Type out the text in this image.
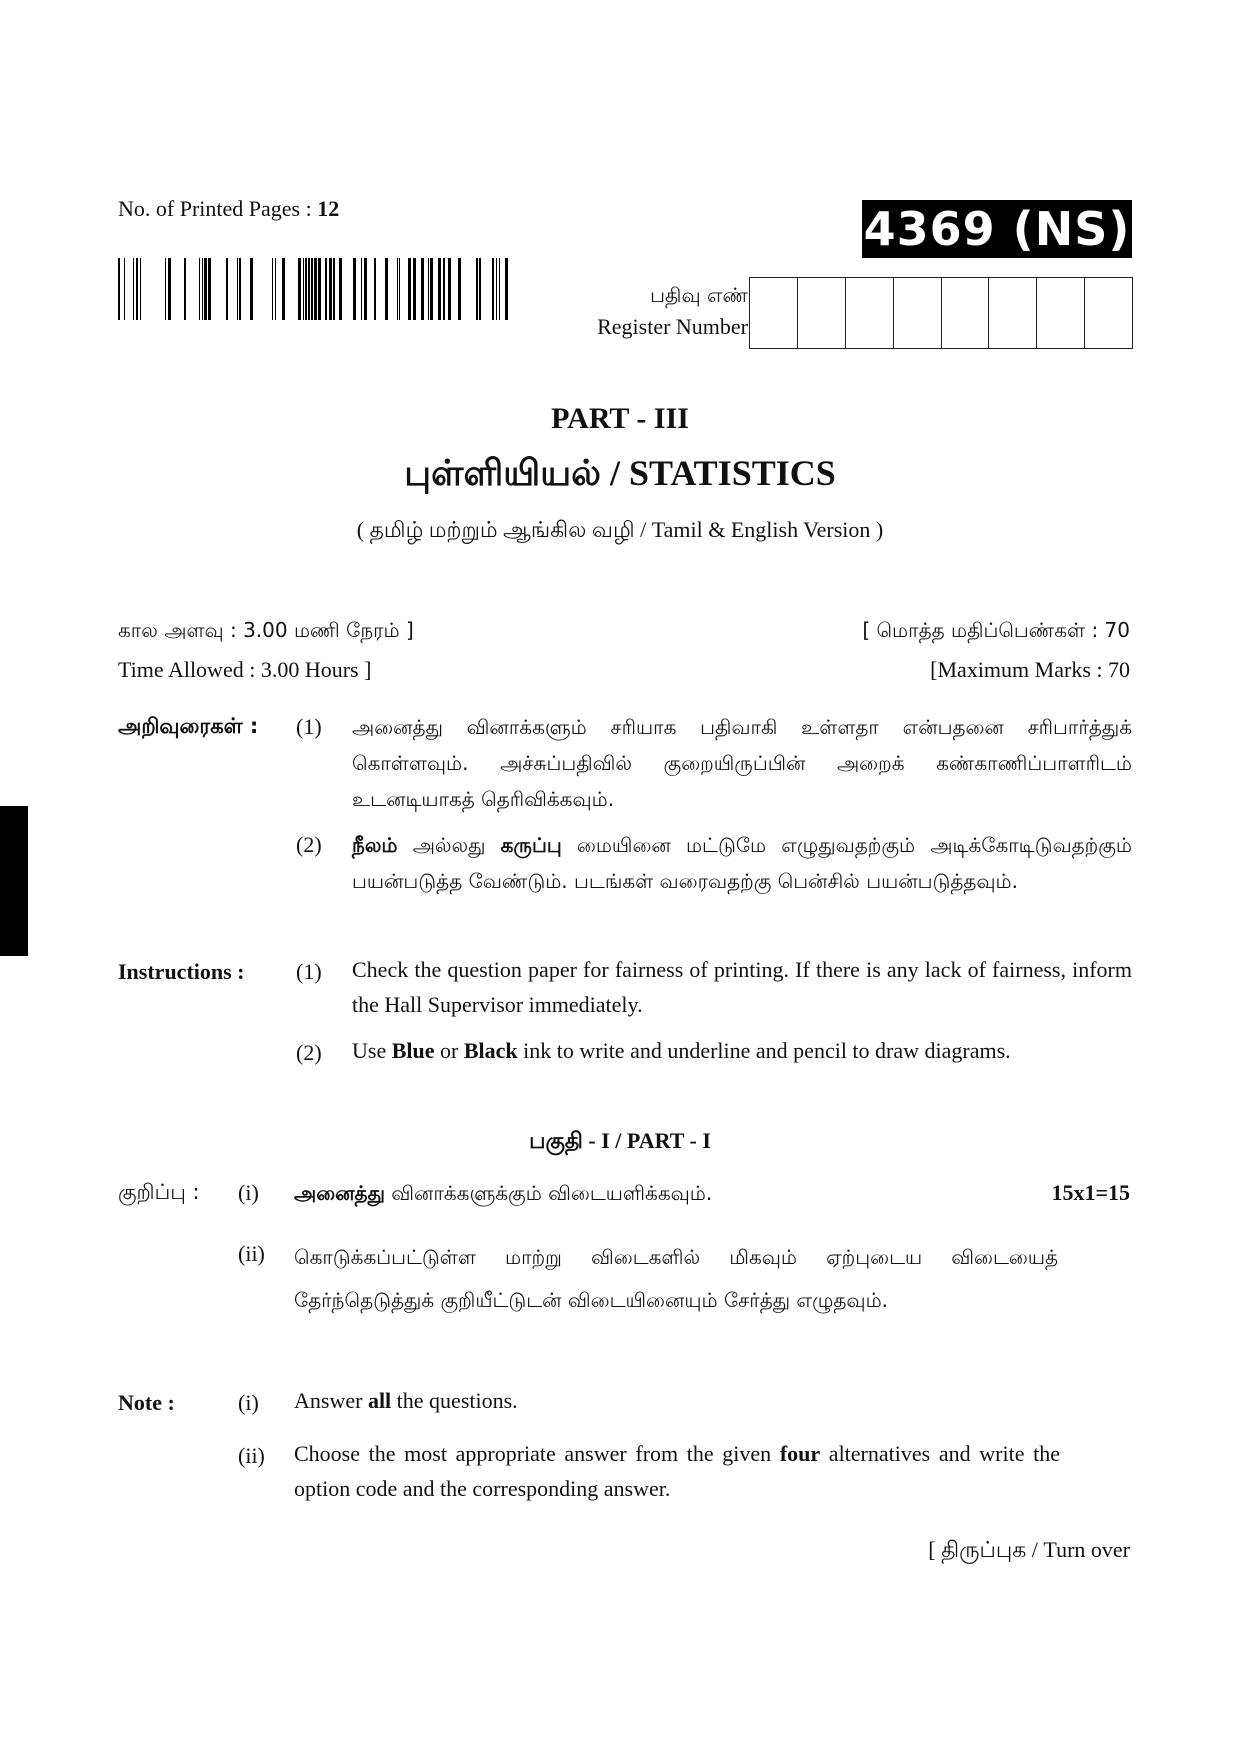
No. of Printed Pages : 12	4369 (NS)
பதிவு எண்
Register Number
PART - III
புள்ளியியல் / STATISTICS
( தமிழ் மற்றும் ஆங்கில வழி / Tamil & English Version )
கால அளவு : 3.00 மணி நேரம் ]
Time Allowed : 3.00 Hours ]
[ மொத்த மதிப்பெண்கள் : 70
[Maximum Marks : 70
அறிவுரைகள் : (1) அனைத்து வினாக்களும் சரியாக பதிவாகி உள்ளதா என்பதனை சரிபார்த்துக் கொள்ளவும். அச்சுப்பதிவில் குறையிருப்பின் அறைக் கண்காணிப்பாளரிடம் உடனடியாகத் தெரிவிக்கவும்.
(2) நீலம் அல்லது கருப்பு மையினை மட்டுமே எழுதுவதற்கும் அடிக்கோடிடுவதற்கும் பயன்படுத்த வேண்டும். படங்கள் வரைவதற்கு பென்சில் பயன்படுத்தவும்.
Instructions : (1) Check the question paper for fairness of printing. If there is any lack of fairness, inform the Hall Supervisor immediately.
(2) Use Blue or Black ink to write and underline and pencil to draw diagrams.
பகுதி - I / PART - I
குறிப்பு : (i) அனைத்து வினாக்களுக்கும் விடையளிக்கவும்.	15x1=15
(ii) கொடுக்கப்பட்டுள்ள மாற்று விடைகளில் மிகவும் ஏற்புடைய விடையைத் தேர்ந்தெடுத்துக் குறியீட்டுடன் விடையினையும் சேர்த்து எழுதவும்.
Note :	(i) Answer all the questions.
(ii) Choose the most appropriate answer from the given four alternatives and write the option code and the corresponding answer.
[ திருப்புக / Turn over
